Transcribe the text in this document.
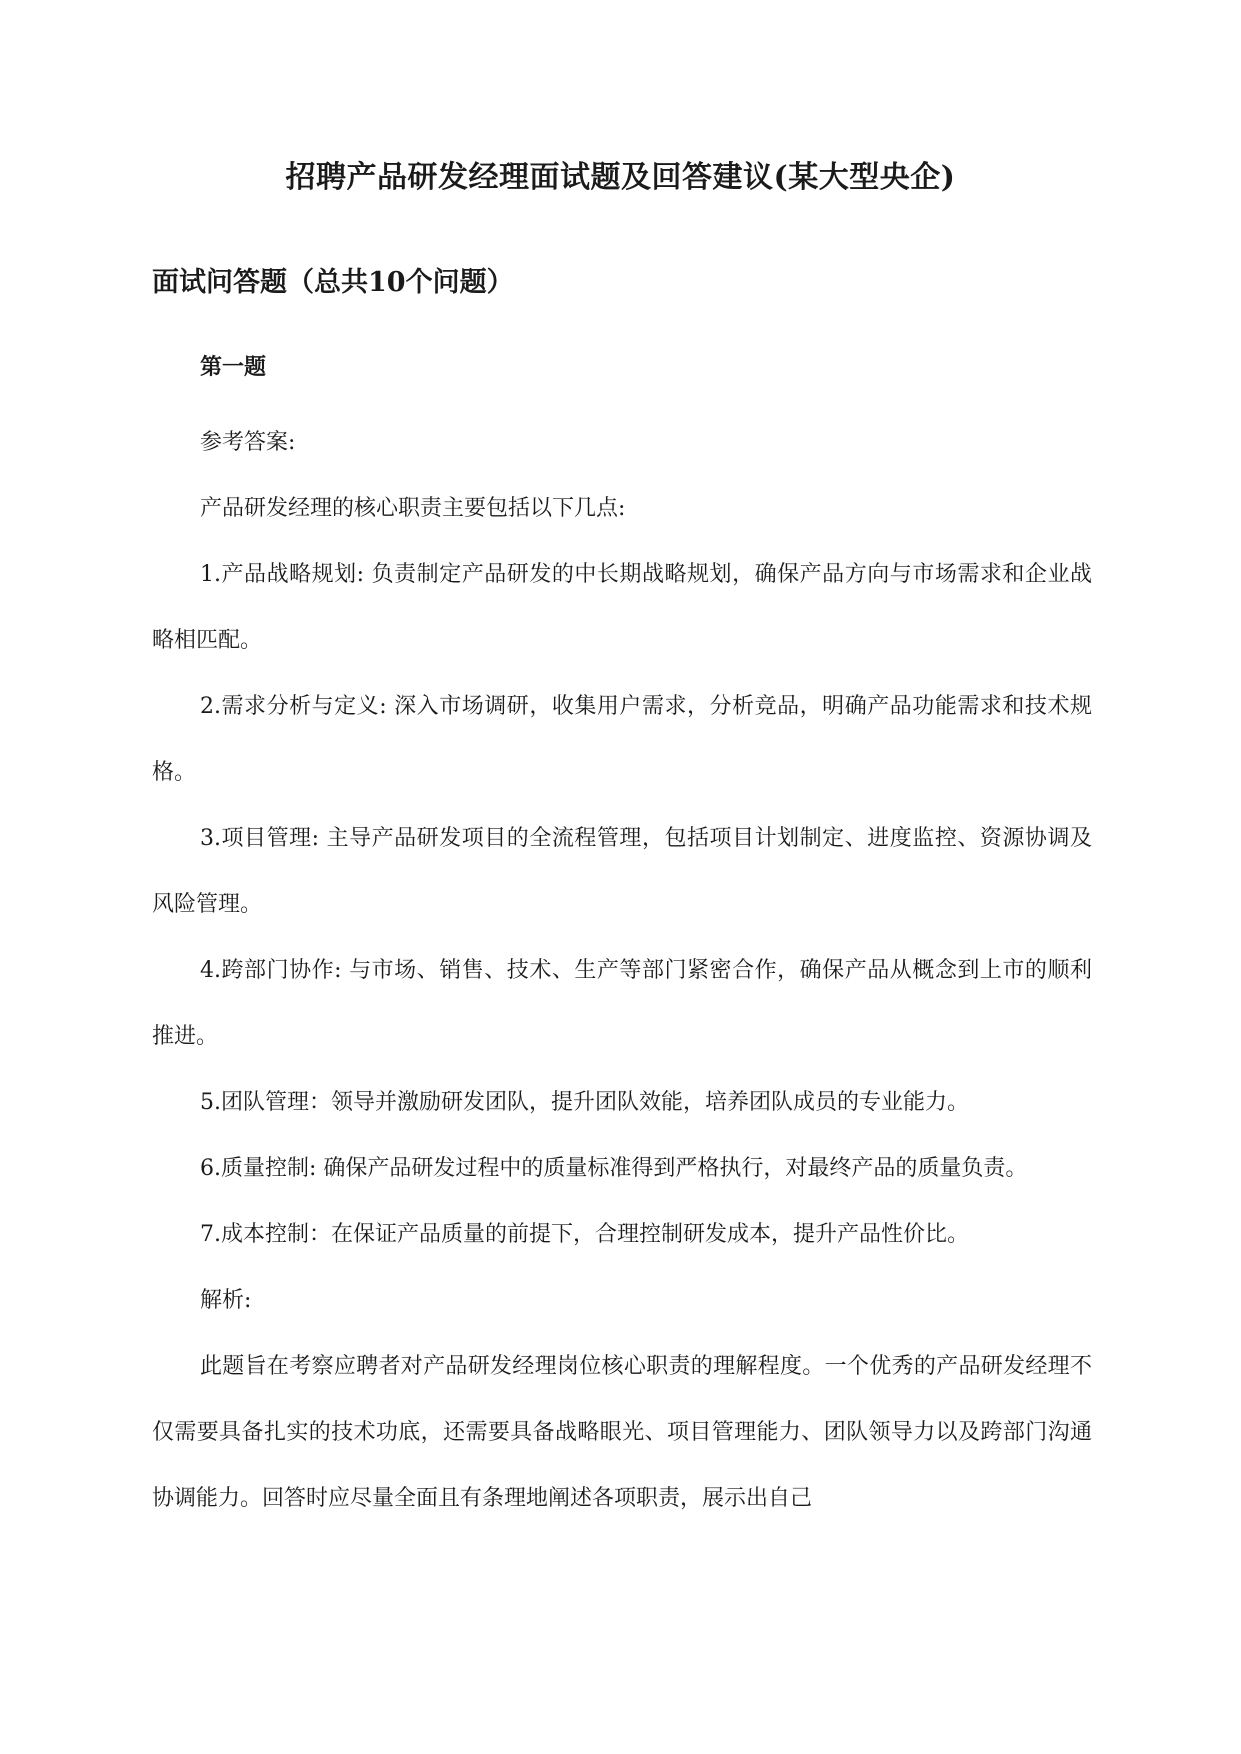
招聘产品研发经理面试题及回答建议(某大型央企)
面试问答题（总共10个问题）

第一题

参考答案:

产品研发经理的核心职责主要包括以下几点:

1.产品战略规划: 负责制定产品研发的中长期战略规划，确保产品方向与市场需求和企业战略相匹配。

2.需求分析与定义: 深入市场调研，收集用户需求，分析竞品，明确产品功能需求和技术规格。

3.项目管理: 主导产品研发项目的全流程管理，包括项目计划制定、进度监控、资源协调及风险管理。

4.跨部门协作: 与市场、销售、技术、生产等部门紧密合作，确保产品从概念到上市的顺利推进。

5.团队管理：领导并激励研发团队，提升团队效能，培养团队成员的专业能力。

6.质量控制: 确保产品研发过程中的质量标准得到严格执行，对最终产品的质量负责。

7.成本控制：在保证产品质量的前提下，合理控制研发成本，提升产品性价比。

解析:

此题旨在考察应聘者对产品研发经理岗位核心职责的理解程度。一个优秀的产品研发经理不仅需要具备扎实的技术功底，还需要具备战略眼光、项目管理能力、团队领导力以及跨部门沟通协调能力。回答时应尽量全面且有条理地阐述各项职责，展示出自己
